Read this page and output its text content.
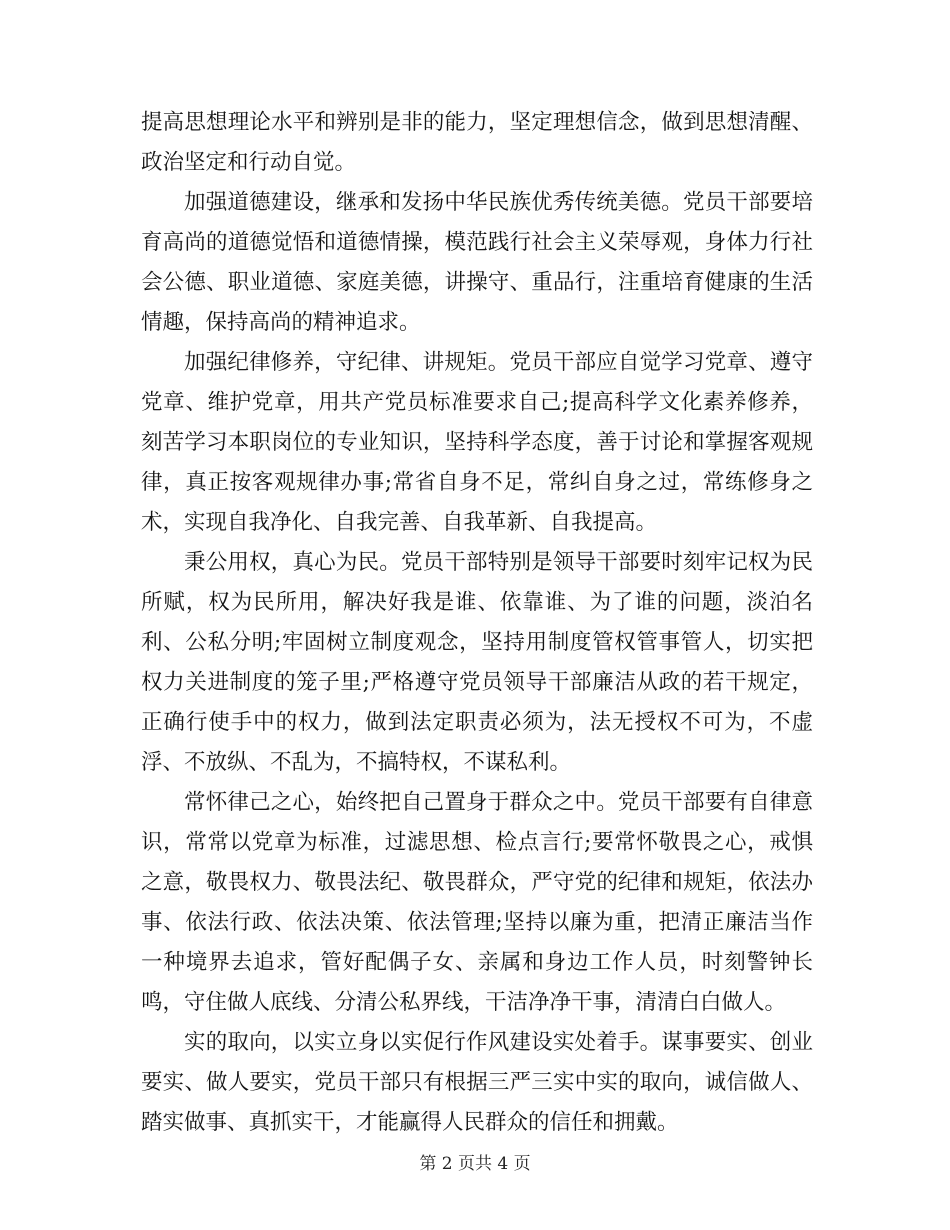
提高思想理论水平和辨别是非的能力，坚定理想信念，做到思想清醒、政治坚定和行动自觉。

加强道德建设，继承和发扬中华民族优秀传统美德。党员干部要培育高尚的道德觉悟和道德情操，模范践行社会主义荣辱观，身体力行社会公德、职业道德、家庭美德，讲操守、重品行，注重培育健康的生活情趣，保持高尚的精神追求。

加强纪律修养，守纪律、讲规矩。党员干部应自觉学习党章、遵守党章、维护党章，用共产党员标准要求自己;提高科学文化素养修养，刻苦学习本职岗位的专业知识，坚持科学态度，善于讨论和掌握客观规律，真正按客观规律办事;常省自身不足，常纠自身之过，常练修身之术，实现自我净化、自我完善、自我革新、自我提高。

秉公用权，真心为民。党员干部特别是领导干部要时刻牢记权为民所赋，权为民所用，解决好我是谁、依靠谁、为了谁的问题，淡泊名利、公私分明;牢固树立制度观念，坚持用制度管权管事管人，切实把权力关进制度的笼子里;严格遵守党员领导干部廉洁从政的若干规定，正确行使手中的权力，做到法定职责必须为，法无授权不可为，不虚浮、不放纵、不乱为，不搞特权，不谋私利。

常怀律己之心，始终把自己置身于群众之中。党员干部要有自律意识，常常以党章为标准，过滤思想、检点言行;要常怀敬畏之心，戒惧之意，敬畏权力、敬畏法纪、敬畏群众，严守党的纪律和规矩，依法办事、依法行政、依法决策、依法管理;坚持以廉为重，把清正廉洁当作一种境界去追求，管好配偶子女、亲属和身边工作人员，时刻警钟长鸣，守住做人底线、分清公私界线，干洁净净干事，清清白白做人。

实的取向，以实立身以实促行作风建设实处着手。谋事要实、创业要实、做人要实，党员干部只有根据三严三实中实的取向，诚信做人、踏实做事、真抓实干，才能赢得人民群众的信任和拥戴。

第 2 页共 4 页
